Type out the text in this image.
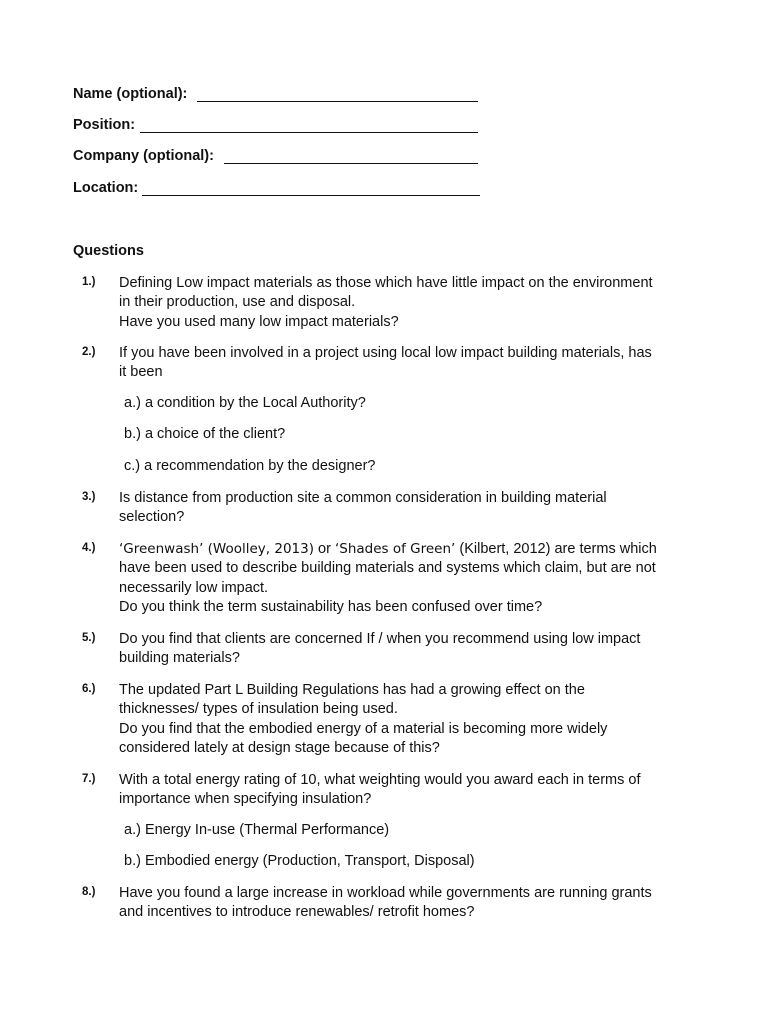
Name (optional):
Position:
Company (optional):
Location:
Questions
1.) Defining Low impact materials as those which have little impact on the environment
in their production, use and disposal.
Have you used many low impact materials?
2.) If you have been involved in a project using local low impact building materials, has
it been
a.) a condition by the Local Authority?
b.) a choice of the client?
c.) a recommendation by the designer?
3.) Is distance from production site a common consideration in building material
selection?
4.) ‘Greenwash’ (Woolley, 2013) or ‘Shades of Green’ (Kilbert, 2012) are terms which
have been used to describe building materials and systems which claim, but are not
necessarily low impact.
Do you think the term sustainability has been confused over time?
5.) Do you find that clients are concerned If / when you recommend using low impact
building materials?
6.) The updated Part L Building Regulations has had a growing effect on the
thicknesses/ types of insulation being used.
Do you find that the embodied energy of a material is becoming more widely
considered lately at design stage because of this?
7.) With a total energy rating of 10, what weighting would you award each in terms of
importance when specifying insulation?
a.) Energy In-use (Thermal Performance)
b.) Embodied energy (Production, Transport, Disposal)
8.) Have you found a large increase in workload while governments are running grants
and incentives to introduce renewables/ retrofit homes?
